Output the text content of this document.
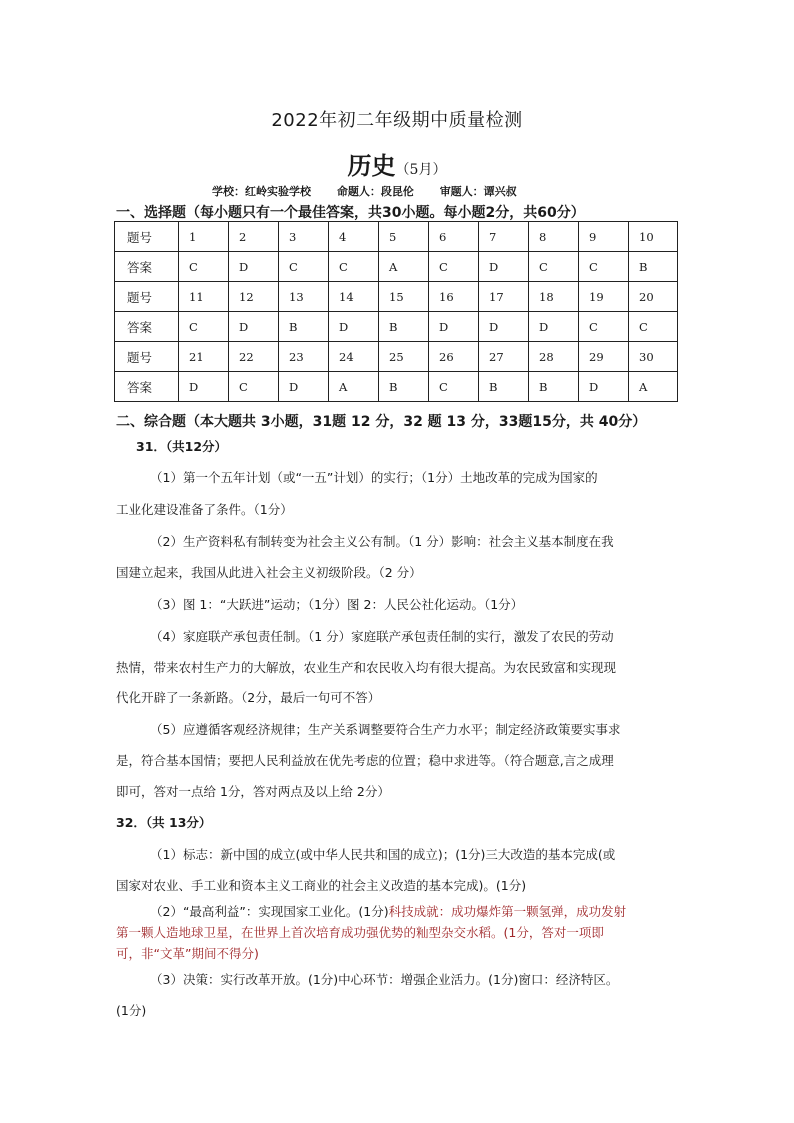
2022年初二年级期中质量检测
历史（5月）
学校：红岭实验学校 命题人：段昆伦 审题人：谭兴叔
一、选择题（每小题只有一个最佳答案，共30小题。每小题2分，共60分）
题号	1	2	3	4	5	6	7	8	9	10
答案	C	D	C	C	A	C	D	C	C	B
题号	11	12	13	14	15	16	17	18	19	20
答案	C	D	B	D	B	D	D	D	C	C
题号	21	22	23	24	25	26	27	28	29	30
答案	D	C	D	A	B	C	B	B	D	A
二、综合题（本大题共 3小题，31题 12 分，32 题 13 分，33题15分，共 40分）
31．（共12分）
（1）第一个五年计划（或“一五”计划）的实行；（1分）土地改革的完成为国家的
工业化建设准备了条件。（1分）
（2）生产资料私有制转变为社会主义公有制。（1 分）影响：社会主义基本制度在我
国建立起来，我国从此进入社会主义初级阶段。（2 分）
（3）图 1：“大跃进”运动；（1分）图 2：人民公社化运动。（1分）
（4）家庭联产承包责任制。（1 分）家庭联产承包责任制的实行，激发了农民的劳动
热情，带来农村生产力的大解放，农业生产和农民收入均有很大提高。为农民致富和实现现
代化开辟了一条新路。（2分，最后一句可不答）
（5）应遵循客观经济规律；生产关系调整要符合生产力水平；制定经济政策要实事求
是，符合基本国情；要把人民利益放在优先考虑的位置；稳中求进等。（符合题意,言之成理
即可，答对一点给 1分，答对两点及以上给 2分）
32．（共 13分）
（1）标志：新中国的成立(或中华人民共和国的成立)；(1分)三大改造的基本完成(或
国家对农业、手工业和资本主义工商业的社会主义改造的基本完成)。(1分)
（2）“最高利益”：实现国家工业化。(1分)科技成就：成功爆炸第一颗氢弹，成功发射
第一颗人造地球卫星，在世界上首次培育成功强优势的籼型杂交水稻。(1分，答对一项即
可，非“文革”期间不得分)
（3）决策：实行改革开放。(1分)中心环节：增强企业活力。(1分)窗口：经济特区。
(1分)
